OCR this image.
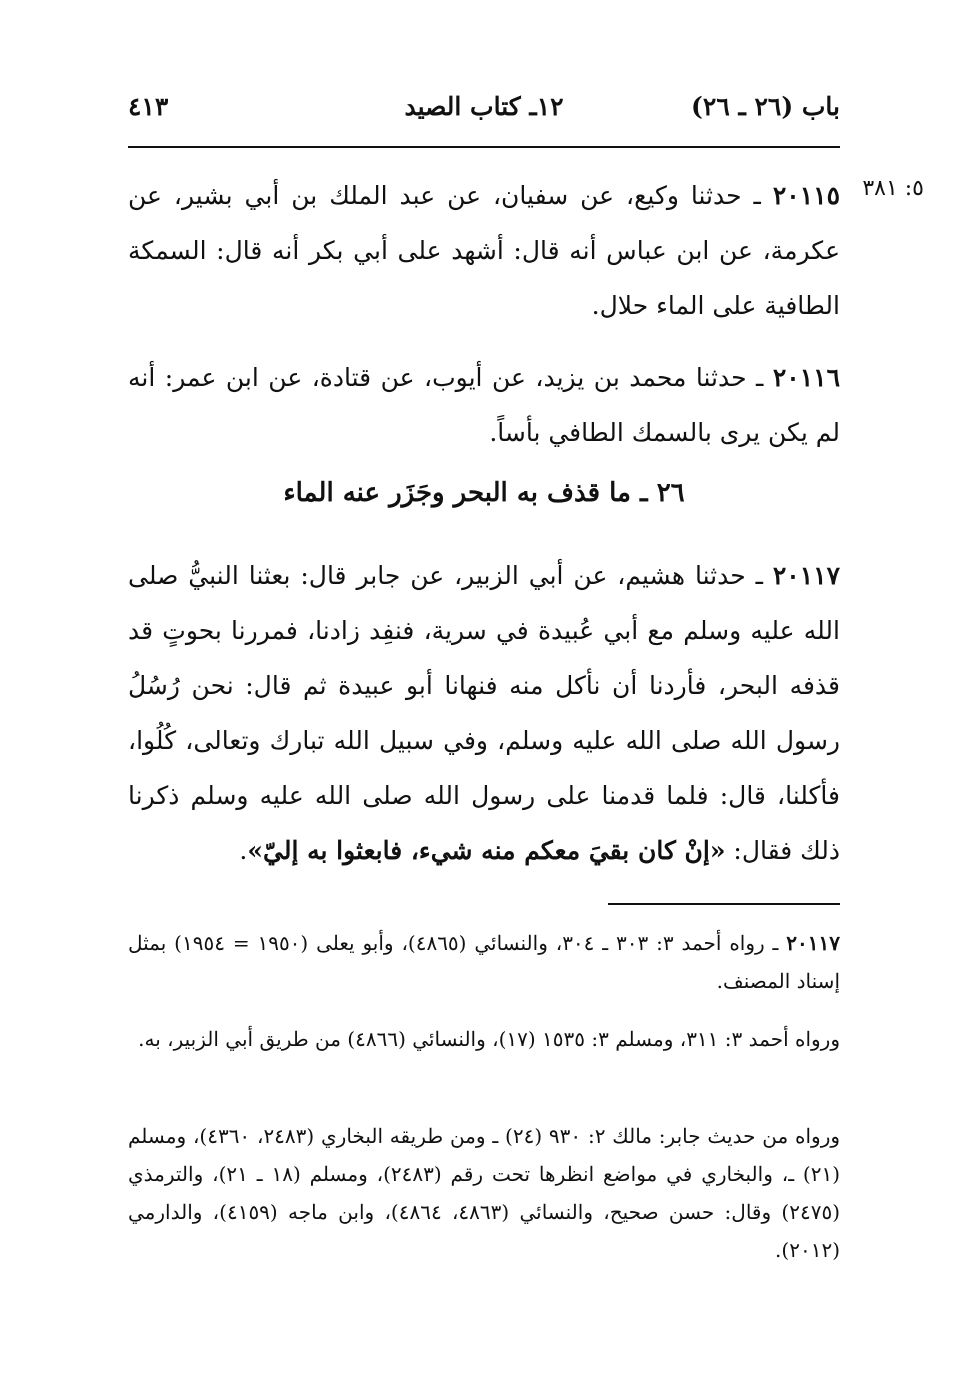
باب (٢٦ ـ ٢٦)
١٢ـ كتاب الصيد
٤١٣
٥: ٣٨١
٢٠١١٥ ـ حدثنا وكيع، عن سفيان، عن عبد الملك بن أبي بشير، عن عكرمة، عن ابن عباس أنه قال: أشهد على أبي بكر أنه قال: السمكة الطافية على الماء حلال.
٢٠١١٦ ـ حدثنا محمد بن يزيد، عن أيوب، عن قتادة، عن ابن عمر: أنه لم يكن يرى بالسمك الطافي بأساً.
٢٦ ـ ما قذف به البحر وجَزَر عنه الماء
٢٠١١٧ ـ حدثنا هشيم، عن أبي الزبير، عن جابر قال: بعثنا النبيُّ صلى الله عليه وسلم مع أبي عُبيدة في سرية، فنفِد زادنا، فمررنا بحوتٍ قد قذفه البحر، فأردنا أن نأكل منه فنهانا أبو عبيدة ثم قال: نحن رُسُلُ رسول الله صلى الله عليه وسلم، وفي سبيل الله تبارك وتعالى، كُلُوا، فأكلنا، قال: فلما قدمنا على رسول الله صلى الله عليه وسلم ذكرنا ذلك فقال: «إنْ كان بقيَ معكم منه شيء، فابعثوا به إليّ».
٢٠١١٧ ـ رواه أحمد ٣: ٣٠٣ ـ ٣٠٤، والنسائي (٤٨٦٥)، وأبو يعلى (١٩٥٠ = ١٩٥٤) بمثل إسناد المصنف.
ورواه أحمد ٣: ٣١١، ومسلم ٣: ١٥٣٥ (١٧)، والنسائي (٤٨٦٦) من طريق أبي الزبير، به.
ورواه من حديث جابر: مالك ٢: ٩٣٠ (٢٤) ـ ومن طريقه البخاري (٢٤٨٣، ٤٣٦٠)، ومسلم (٢١) ـ، والبخاري في مواضع انظرها تحت رقم (٢٤٨٣)، ومسلم (١٨ ـ ٢١)، والترمذي (٢٤٧٥) وقال: حسن صحيح، والنسائي (٤٨٦٣، ٤٨٦٤)، وابن ماجه (٤١٥٩)، والدارمي (٢٠١٢).
